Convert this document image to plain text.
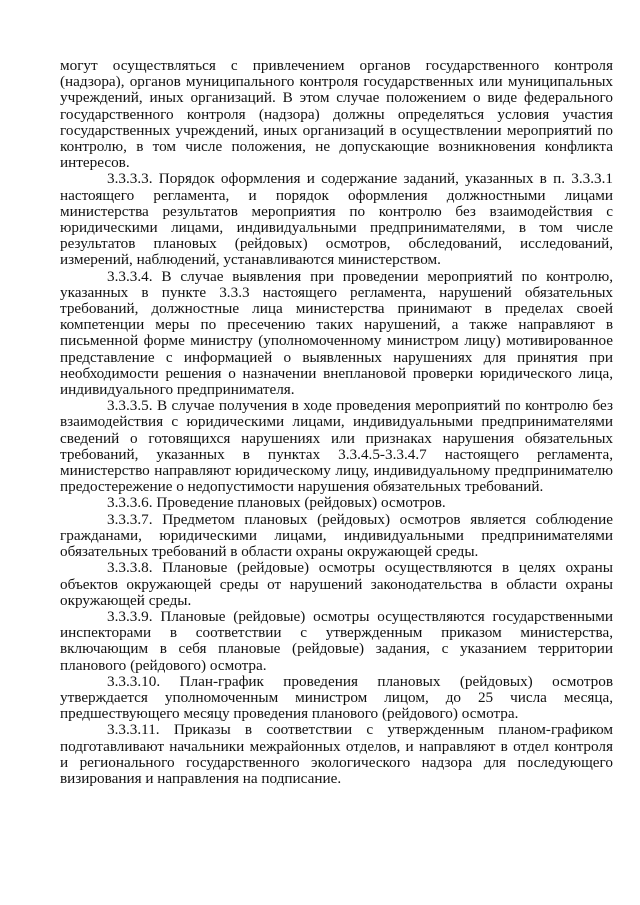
могут осуществляться с привлечением органов государственного контроля (надзора), органов муниципального контроля государственных или муниципальных учреждений, иных организаций. В этом случае положением о виде федерального государственного контроля (надзора) должны определяться условия участия государственных учреждений, иных организаций в осуществлении мероприятий по контролю, в том числе положения, не допускающие возникновения конфликта интересов.

3.3.3.3. Порядок оформления и содержание заданий, указанных в п. 3.3.3.1 настоящего регламента, и порядок оформления должностными лицами министерства результатов мероприятия по контролю без взаимодействия с юридическими лицами, индивидуальными предпринимателями, в том числе результатов плановых (рейдовых) осмотров, обследований, исследований, измерений, наблюдений, устанавливаются министерством.

3.3.3.4. В случае выявления при проведении мероприятий по контролю, указанных в пункте 3.3.3 настоящего регламента, нарушений обязательных требований, должностные лица министерства принимают в пределах своей компетенции меры по пресечению таких нарушений, а также направляют в письменной форме министру (уполномоченному министром лицу) мотивированное представление с информацией о выявленных нарушениях для принятия при необходимости решения о назначении внеплановой проверки юридического лица, индивидуального предпринимателя.

3.3.3.5. В случае получения в ходе проведения мероприятий по контролю без взаимодействия с юридическими лицами, индивидуальными предпринимателями сведений о готовящихся нарушениях или признаках нарушения обязательных требований, указанных в пунктах 3.3.4.5-3.3.4.7 настоящего регламента, министерство направляют юридическому лицу, индивидуальному предпринимателю предостережение о недопустимости нарушения обязательных требований.

3.3.3.6. Проведение плановых (рейдовых) осмотров.

3.3.3.7. Предметом плановых (рейдовых) осмотров является соблюдение гражданами, юридическими лицами, индивидуальными предпринимателями обязательных требований в области охраны окружающей среды.

3.3.3.8. Плановые (рейдовые) осмотры осуществляются в целях охраны объектов окружающей среды от нарушений законодательства в области охраны окружающей среды.

3.3.3.9. Плановые (рейдовые) осмотры осуществляются государственными инспекторами в соответствии с утвержденным приказом министерства, включающим в себя плановые (рейдовые) задания, с указанием территории планового (рейдового) осмотра.

3.3.3.10. План-график проведения плановых (рейдовых) осмотров утверждается уполномоченным министром лицом, до 25 числа месяца, предшествующего месяцу проведения планового (рейдового) осмотра.

3.3.3.11. Приказы в соответствии с утвержденным планом-графиком подготавливают начальники межрайонных отделов, и направляют в отдел контроля и регионального государственного экологического надзора для последующего визирования и направления на подписание.
